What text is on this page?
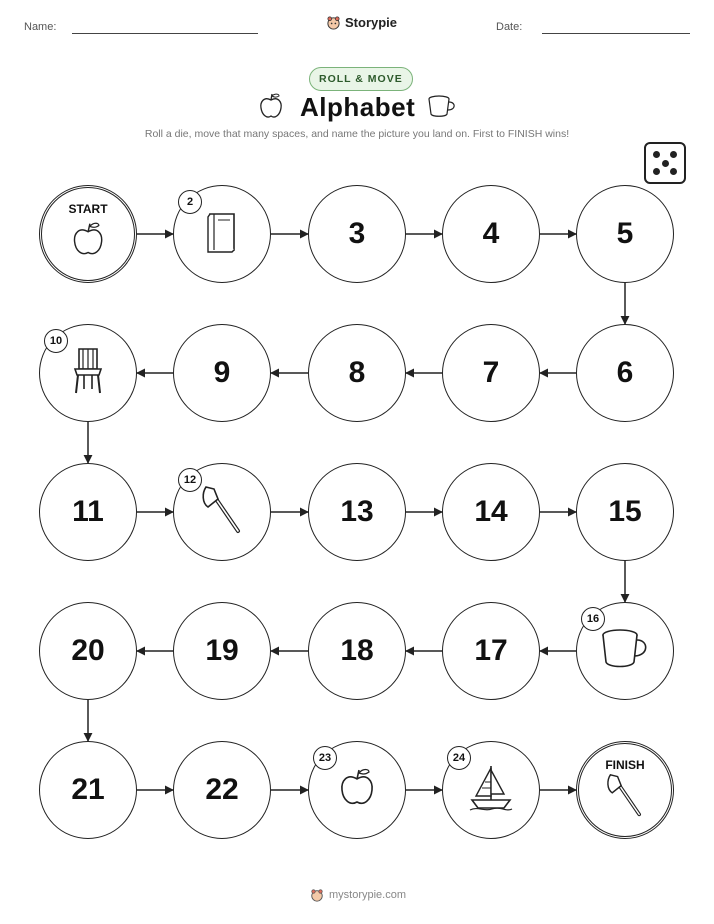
Name:	Storypie	Date:
ROLL & MOVE
Alphabet
Roll a die, move that many spaces, and name the picture you land on. First to FINISH wins!
START	2
3	4	5
6
7
8
9
10
11
12
13	14	15
16
17
18
19
20
21	22
23	24	FINISH
mystorypie.com
